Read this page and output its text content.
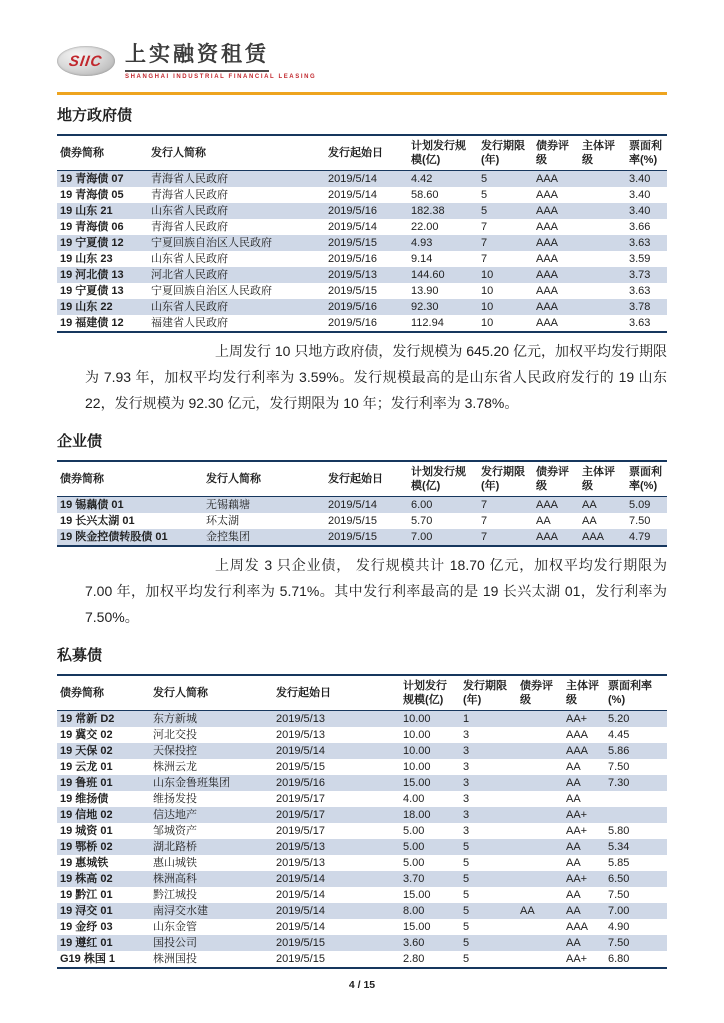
SIIC 上实融资租赁
SHANGHAI INDUSTRIAL FINANCIAL LEASING
地方政府债
债券简称	发行人简称	发行起始日	计划发行规模(亿)	发行期限(年)	债券评级	主体评级	票面利率(%)
19 青海债 07	青海省人民政府	2019/5/14	4.42	5	AAA		3.40
19 青海债 05	青海省人民政府	2019/5/14	58.60	5	AAA		3.40
19 山东 21	山东省人民政府	2019/5/16	182.38	5	AAA		3.40
19 青海债 06	青海省人民政府	2019/5/14	22.00	7	AAA		3.66
19 宁夏债 12	宁夏回族自治区人民政府	2019/5/15	4.93	7	AAA		3.63
19 山东 23	山东省人民政府	2019/5/16	9.14	7	AAA		3.59
19 河北债 13	河北省人民政府	2019/5/13	144.60	10	AAA		3.73
19 宁夏债 13	宁夏回族自治区人民政府	2019/5/15	13.90	10	AAA		3.63
19 山东 22	山东省人民政府	2019/5/16	92.30	10	AAA		3.78
19 福建债 12	福建省人民政府	2019/5/16	112.94	10	AAA		3.63

上周发行 10 只地方政府债，发行规模为 645.20 亿元，加权平均发行期限为 7.93 年，加权平均发行利率为 3.59%。发行规模最高的是山东省人民政府发行的 19 山东 22，发行规模为 92.30 亿元，发行期限为 10 年；发行利率为 3.78%。

企业债
债券简称	发行人简称	发行起始日	计划发行规模(亿)	发行期限(年)	债券评级	主体评级	票面利率(%)
19 锡藕债 01	无锡藕塘	2019/5/14	6.00	7	AAA	AA	5.09
19 长兴太湖 01	环太湖	2019/5/15	5.70	7	AA	AA	7.50
19 陕金控债转股债 01	金控集团	2019/5/15	7.00	7	AAA	AAA	4.79

上周发 3 只企业债， 发行规模共计 18.70 亿元，加权平均发行期限为 7.00 年，加权平均发行利率为 5.71%。其中发行利率最高的是 19 长兴太湖 01，发行利率为 7.50%。

私募债
债券简称	发行人简称	发行起始日	计划发行规模(亿)	发行期限(年)	债券评级	主体评级	票面利率(%)
19 常新 D2	东方新城	2019/5/13	10.00	1		AA+	5.20
19 冀交 02	河北交投	2019/5/13	10.00	3		AAA	4.45
19 天保 02	天保投控	2019/5/14	10.00	3		AAA	5.86
19 云龙 01	株洲云龙	2019/5/15	10.00	3		AA	7.50
19 鲁班 01	山东金鲁班集团	2019/5/16	15.00	3		AA	7.30
19 维扬债	维扬发投	2019/5/17	4.00	3		AA	
19 信地 02	信达地产	2019/5/17	18.00	3		AA+	
19 城资 01	邹城资产	2019/5/17	5.00	3		AA+	5.80
19 鄂桥 02	湖北路桥	2019/5/13	5.00	5		AA	5.34
19 惠城铁	惠山城铁	2019/5/13	5.00	5		AA	5.85
19 株高 02	株洲高科	2019/5/14	3.70	5		AA+	6.50
19 黔江 01	黔江城投	2019/5/14	15.00	5		AA	7.50
19 浔交 01	南浔交水建	2019/5/14	8.00	5	AA	AA	7.00
19 金纾 03	山东金管	2019/5/14	15.00	5		AAA	4.90
19 遵红 01	国投公司	2019/5/15	3.60	5		AA	7.50
G19 株国 1	株洲国投	2019/5/15	2.80	5		AA+	6.80
4 / 15
